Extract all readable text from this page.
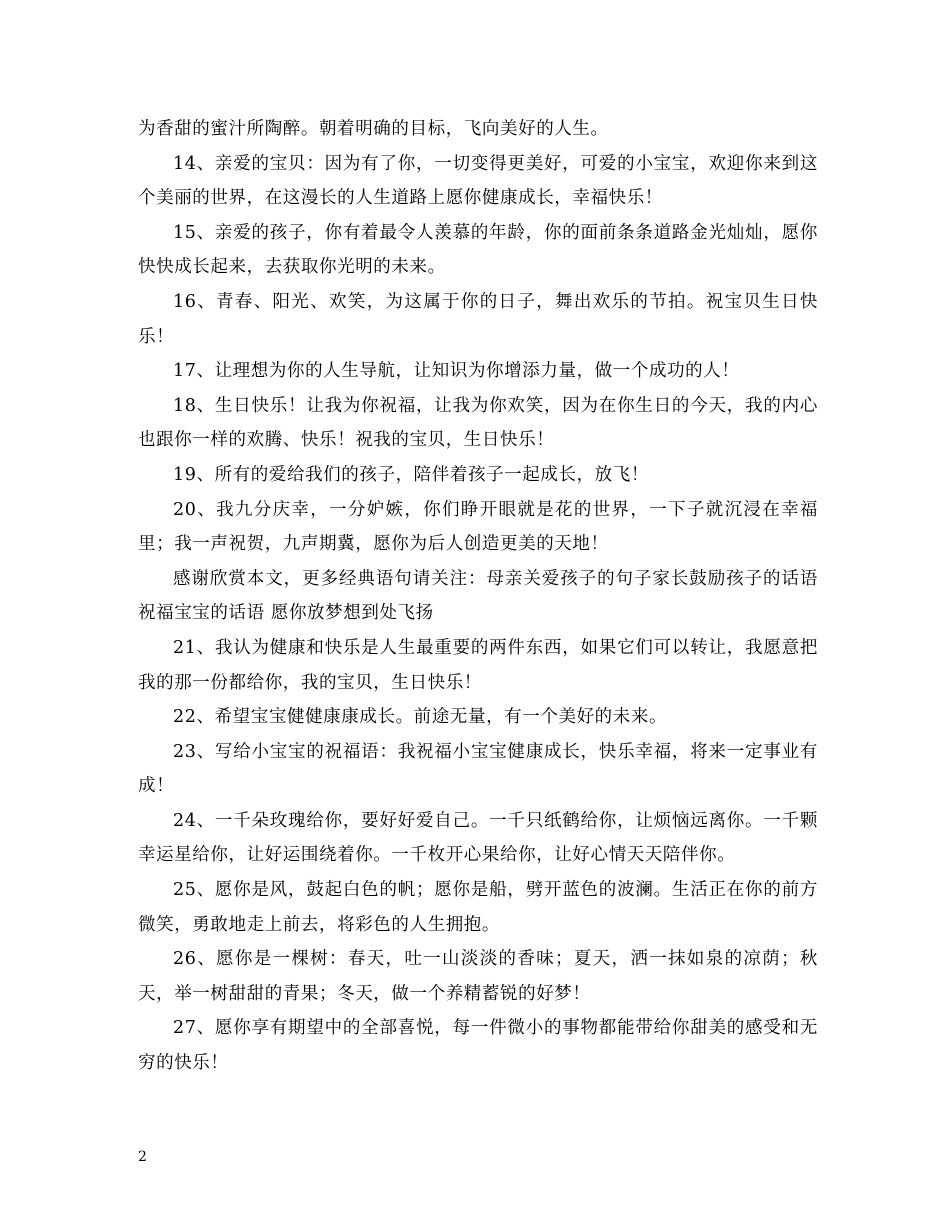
为香甜的蜜汁所陶醉。朝着明确的目标，飞向美好的人生。

14、亲爱的宝贝：因为有了你，一切变得更美好，可爱的小宝宝，欢迎你来到这个美丽的世界，在这漫长的人生道路上愿你健康成长，幸福快乐！

15、亲爱的孩子，你有着最令人羡慕的年龄，你的面前条条道路金光灿灿，愿你快快成长起来，去获取你光明的未来。

16、青春、阳光、欢笑，为这属于你的日子，舞出欢乐的节拍。祝宝贝生日快乐！

17、让理想为你的人生导航，让知识为你增添力量，做一个成功的人！

18、生日快乐！让我为你祝福，让我为你欢笑，因为在你生日的今天，我的内心也跟你一样的欢腾、快乐！祝我的宝贝，生日快乐！

19、所有的爱给我们的孩子，陪伴着孩子一起成长，放飞！

20、我九分庆幸，一分妒嫉，你们睁开眼就是花的世界，一下子就沉浸在幸福里；我一声祝贺，九声期冀，愿你为后人创造更美的天地！

感谢欣赏本文，更多经典语句请关注：母亲关爱孩子的句子家长鼓励孩子的话语 祝福宝宝的话语 愿你放梦想到处飞扬

21、我认为健康和快乐是人生最重要的两件东西，如果它们可以转让，我愿意把我的那一份都给你，我的宝贝，生日快乐！

22、希望宝宝健健康康成长。前途无量，有一个美好的未来。

23、写给小宝宝的祝福语：我祝福小宝宝健康成长，快乐幸福，将来一定事业有成！

24、一千朵玫瑰给你，要好好爱自己。一千只纸鹤给你，让烦恼远离你。一千颗幸运星给你，让好运围绕着你。一千枚开心果给你，让好心情天天陪伴你。

25、愿你是风，鼓起白色的帆；愿你是船，劈开蓝色的波澜。生活正在你的前方微笑，勇敢地走上前去，将彩色的人生拥抱。

26、愿你是一棵树：春天，吐一山淡淡的香味；夏天，洒一抹如泉的凉荫；秋天，举一树甜甜的青果；冬天，做一个养精蓄锐的好梦！

27、愿你享有期望中的全部喜悦，每一件微小的事物都能带给你甜美的感受和无穷的快乐！

2
